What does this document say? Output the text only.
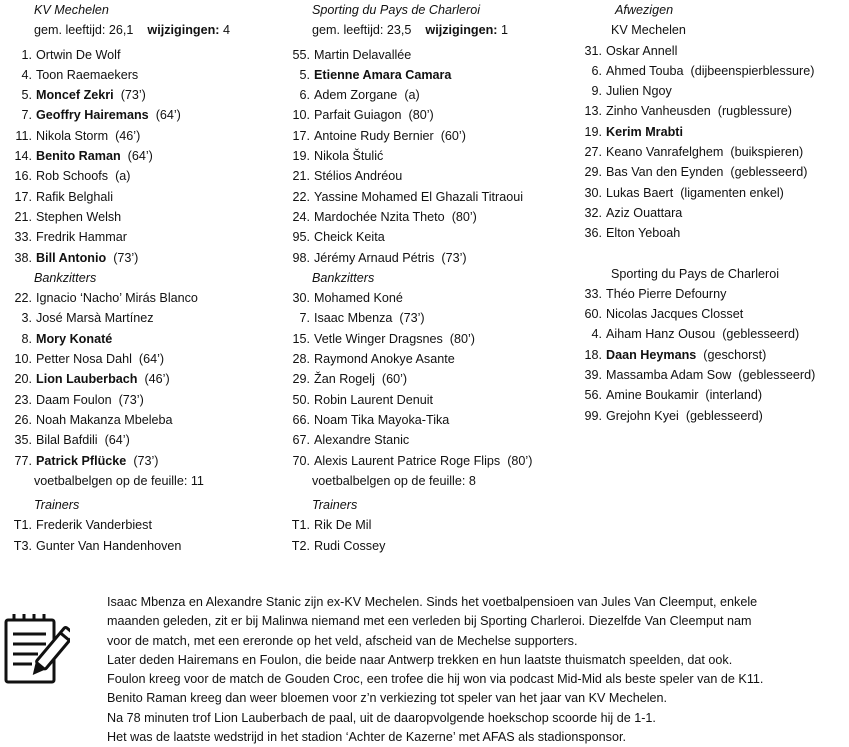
KV Mechelen
gem. leeftijd: 26,1 wijzigingen: 4
1. Ortwin De Wolf
4. Toon Raemaekers
5. Moncef Zekri (73’)
7. Geoffry Hairemans (64’)
11. Nikola Storm (46’)
14. Benito Raman (64’)
16. Rob Schoofs (a)
17. Rafik Belghali
21. Stephen Welsh
33. Fredrik Hammar
38. Bill Antonio (73’)
Bankzitters
22. Ignacio ‘Nacho’ Mirás Blanco
3. José Marsà Martínez
8. Mory Konaté
10. Petter Nosa Dahl (64’)
20. Lion Lauberbach (46’)
23. Daam Foulon (73’)
26. Noah Makanza Mbeleba
35. Bilal Bafdili (64’)
77. Patrick Pflücke (73’)
voetbalbelgen op de feuille: 11
Trainers
T1. Frederik Vanderbiest
T3. Gunter Van Handenhoven
Sporting du Pays de Charleroi
gem. leeftijd: 23,5 wijzigingen: 1
55. Martin Delavallée
5. Etienne Amara Camara
6. Adem Zorgane (a)
10. Parfait Guiagon (80’)
17. Antoine Rudy Bernier (60’)
19. Nikola Štulić
21. Stélios Andréou
22. Yassine Mohamed El Ghazali Titraoui
24. Mardochée Nzita Theto (80’)
95. Cheick Keita
98. Jérémy Arnaud Pétris (73’)
Bankzitters
30. Mohamed Koné
7. Isaac Mbenza (73’)
15. Vetle Winger Dragsnes (80’)
28. Raymond Anokye Asante
29. Žan Rogelj (60’)
50. Robin Laurent Denuit
66. Noam Tika Mayoka-Tika
67. Alexandre Stanic
70. Alexis Laurent Patrice Roge Flips (80’)
voetbalbelgen op de feuille: 8
Trainers
T1. Rik De Mil
T2. Rudi Cossey
Afwezigen
KV Mechelen
31. Oskar Annell
6. Ahmed Touba (dijbeenspierblessure)
9. Julien Ngoy
13. Zinho Vanheusden (rugblessure)
19. Kerim Mrabti
27. Keano Vanrafelghem (buikspieren)
29. Bas Van den Eynden (geblesseerd)
30. Lukas Baert (ligamenten enkel)
32. Aziz Ouattara
36. Elton Yeboah
Sporting du Pays de Charleroi
33. Théo Pierre Defourny
60. Nicolas Jacques Closset
4. Aiham Hanz Ousou (geblesseerd)
18. Daan Heymans (geschorst)
39. Massamba Adam Sow (geblesseerd)
56. Amine Boukamir (interland)
99. Grejohn Kyei (geblesseerd)

Isaac Mbenza en Alexandre Stanic zijn ex-KV Mechelen. Sinds het voetbalpensioen van Jules Van Cleemput, enkele

maanden geleden, zit er bij Malinwa niemand met een verleden bij Sporting Charleroi. Diezelfde Van Cleemput nam

voor de match, met een ereronde op het veld, afscheid van de Mechelse supporters.

Later deden Hairemans en Foulon, die beide naar Antwerp trekken en hun laatste thuismatch speelden, dat ook.

Foulon kreeg voor de match de Gouden Croc, een trofee die hij won via podcast Mid-Mid als beste speler van de K11.

Benito Raman kreeg dan weer bloemen voor z’n verkiezing tot speler van het jaar van KV Mechelen.

Na 78 minuten trof Lion Lauberbach de paal, uit de daaropvolgende hoekschop scoorde hij de 1-1.

Het was de laatste wedstrijd in het stadion ‘Achter de Kazerne’ met AFAS als stadionsponsor.
